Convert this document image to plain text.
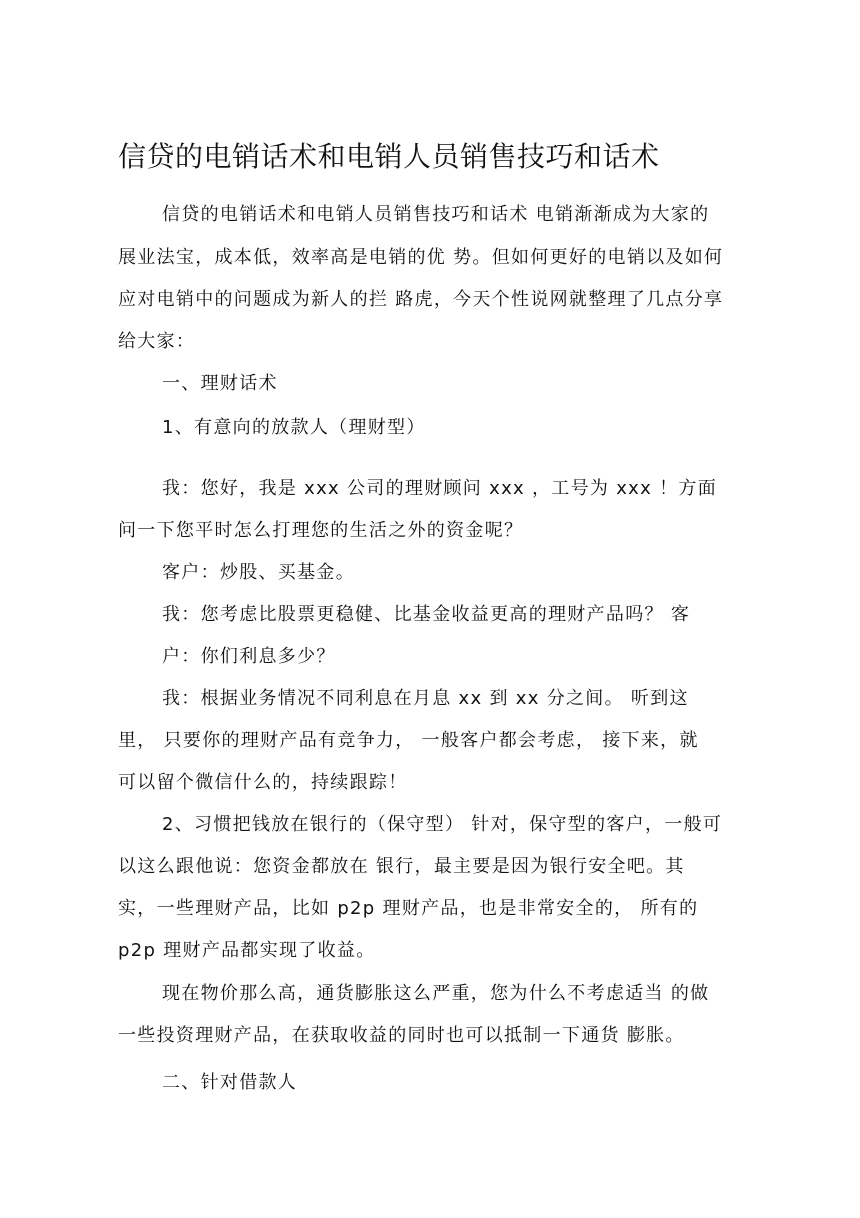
信贷的电销话术和电销人员销售技巧和话术

信贷的电销话术和电销人员销售技巧和话术 电销渐渐成为大家的

展业法宝，成本低，效率高是电销的优 势。但如何更好的电销以及如何

应对电销中的问题成为新人的拦 路虎，今天个性说网就整理了几点分享

给大家：

一、理财话术

1、有意向的放款人（理财型）

我：您好，我是 xxx 公司的理财顾问 xxx ，工号为 xxx ！方面

问一下您平时怎么打理您的生活之外的资金呢？

客户：炒股、买基金。

我：您考虑比股票更稳健、比基金收益更高的理财产品吗？ 客

户：你们利息多少？

我：根据业务情况不同利息在月息 xx 到 xx 分之间。 听到这

里， 只要你的理财产品有竞争力， 一般客户都会考虑， 接下来，就

可以留个微信什么的，持续跟踪！

2、习惯把钱放在银行的（保守型） 针对，保守型的客户，一般可

以这么跟他说：您资金都放在 银行，最主要是因为银行安全吧。其

实，一些理财产品，比如 p2p 理财产品，也是非常安全的， 所有的

p2p 理财产品都实现了收益。

现在物价那么高，通货膨胀这么严重，您为什么不考虑适当 的做

一些投资理财产品，在获取收益的同时也可以抵制一下通货 膨胀。

二、针对借款人
